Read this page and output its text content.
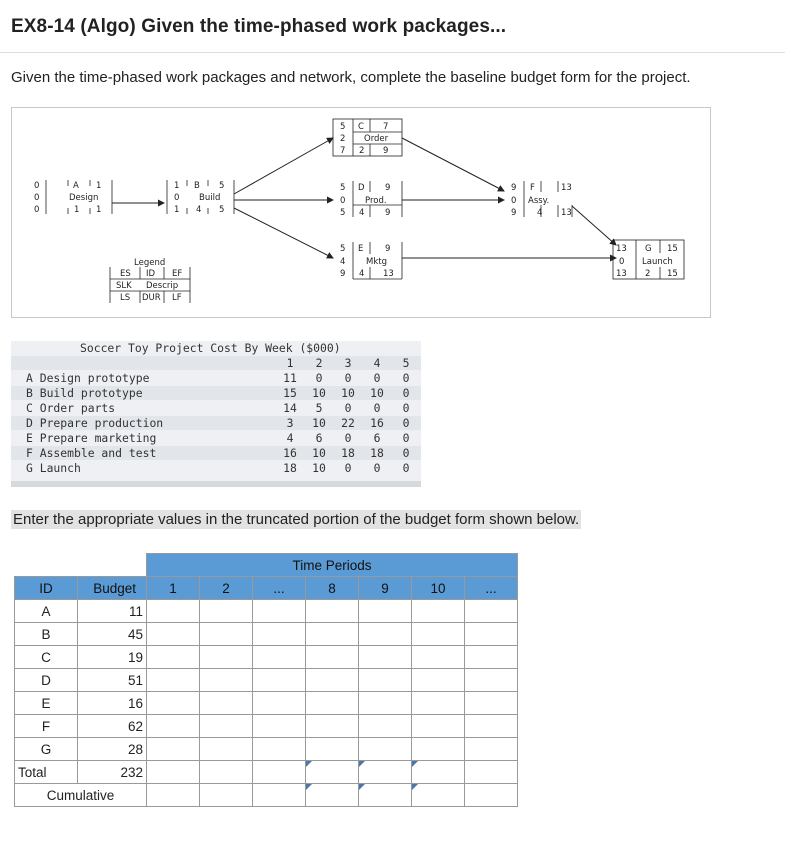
EX8-14 (Algo) Given the time-phased work packages...
Given the time-phased work packages and network, complete the baseline budget form for the project.
0	A 1
0	Design
0	1 1
1 B 5
0 Build
1 4 5
5 C 7
2 Order
7 2 9
5 D 9
0 Prod.
5 4 9
5 E	9
4 Mktg
9 4 13
9 F	13
0 Assy.
9 4 13
13 G 15
0 Launch
13 2 15
Legend
ES ID EF
SLK Descrip
LS DUR LF
Soccer Toy Project Cost By Week ($000)
1	2	3	4	5
A Design prototype	11	0	0	0	0
B Build prototype	15 10 10 10	0
C Order parts	14	5	0	0	0
D Prepare production	3	10 22 16	0
E Prepare marketing	4	6	0	6	0
F Assemble and test	16 10 18 18	0
G Launch	18 10	0	0	0
Enter the appropriate values in the truncated portion of the budget form shown below.
		Time Periods						
ID	Budget	1	2	...	8	9	10	...
A	11							
B	45							
C	19							
D	51							
E	16							
F	62							
G	28							
Total	232							
Cumulative								
